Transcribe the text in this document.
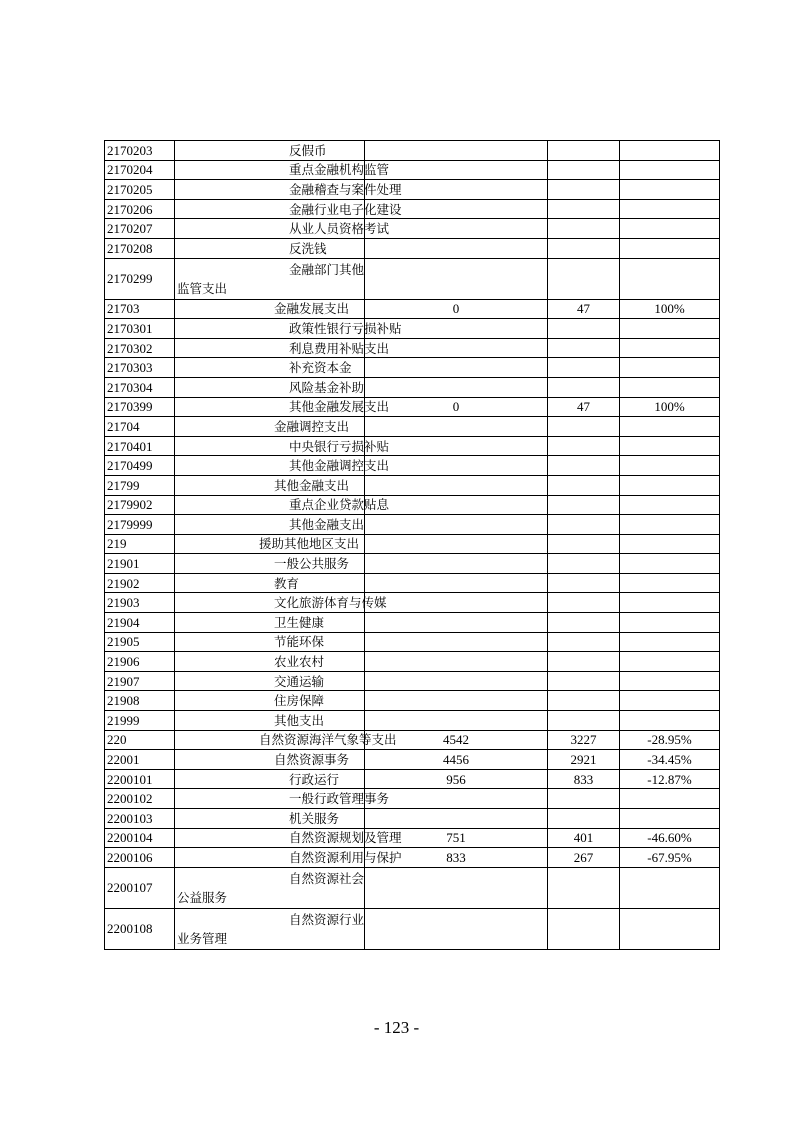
2170203	反假币			
2170204	重点金融机构监管			
2170205	金融稽查与案件处理			
2170206	金融行业电子化建设			
2170207	从业人员资格考试			
2170208	反洗钱			
2170299	金融部门其他监管支出			
21703	金融发展支出	0	47	100%
2170301	政策性银行亏损补贴			
2170302	利息费用补贴支出			
2170303	补充资本金			
2170304	风险基金补助			
2170399	其他金融发展支出	0	47	100%
21704	金融调控支出			
2170401	中央银行亏损补贴			
2170499	其他金融调控支出			
21799	其他金融支出			
2179902	重点企业贷款贴息			
2179999	其他金融支出			
219	援助其他地区支出			
21901	一般公共服务			
21902	教育			
21903	文化旅游体育与传媒			
21904	卫生健康			
21905	节能环保			
21906	农业农村			
21907	交通运输			
21908	住房保障			
21999	其他支出			
220	自然资源海洋气象等支出	4542	3227	-28.95%
22001	自然资源事务	4456	2921	-34.45%
2200101	行政运行	956	833	-12.87%
2200102	一般行政管理事务			
2200103	机关服务			
2200104	自然资源规划及管理	751	401	-46.60%
2200106	自然资源利用与保护	833	267	-67.95%
2200107	自然资源社会公益服务			
2200108	自然资源行业业务管理			
- 123 -
